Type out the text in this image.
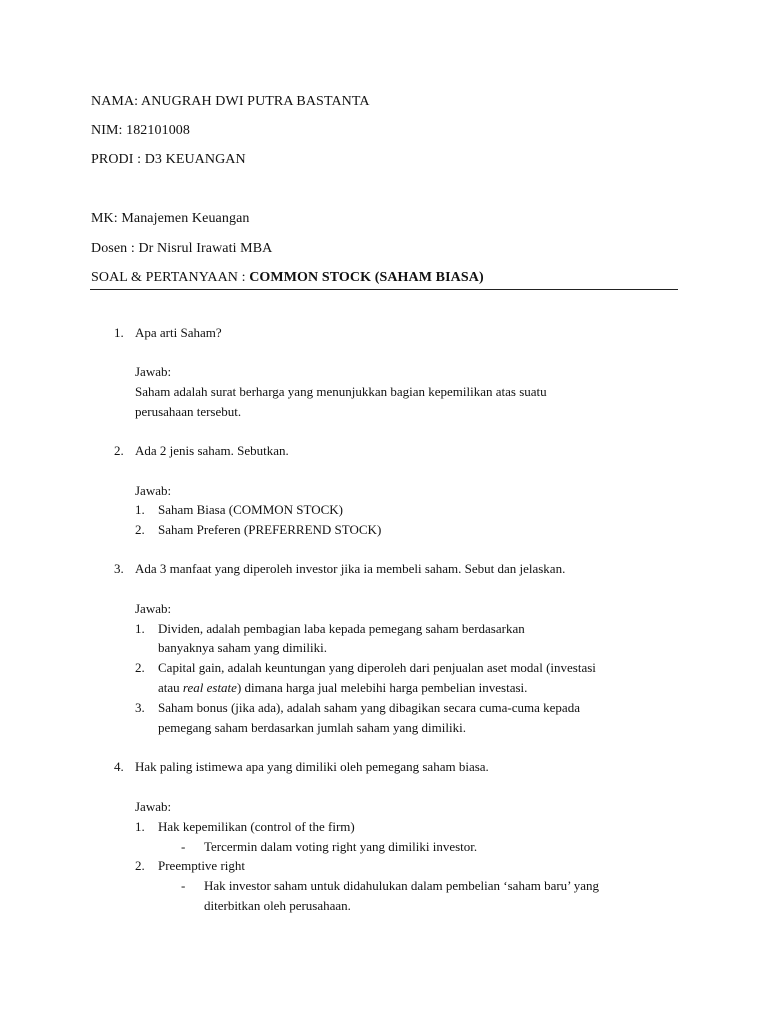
NAMA: ANUGRAH DWI PUTRA BASTANTA
NIM: 182101008
PRODI : D3 KEUANGAN
MK: Manajemen Keuangan
Dosen : Dr Nisrul Irawati MBA
SOAL & PERTANYAAN : COMMON STOCK (SAHAM BIASA)
1. Apa arti Saham?
Jawab:
Saham adalah surat berharga yang menunjukkan bagian kepemilikan atas suatu
perusahaan tersebut.
2. Ada 2 jenis saham. Sebutkan.
Jawab:
1. Saham Biasa (COMMON STOCK)
2. Saham Preferen (PREFERREND STOCK)
3. Ada 3 manfaat yang diperoleh investor jika ia membeli saham. Sebut dan jelaskan.
Jawab:
1. Dividen, adalah pembagian laba kepada pemegang saham berdasarkan
banyaknya saham yang dimiliki.
2. Capital gain, adalah keuntungan yang diperoleh dari penjualan aset modal (investasi
atau real estate) dimana harga jual melebihi harga pembelian investasi.
3. Saham bonus (jika ada), adalah saham yang dibagikan secara cuma-cuma kepada
pemegang saham berdasarkan jumlah saham yang dimiliki.
4. Hak paling istimewa apa yang dimiliki oleh pemegang saham biasa.
Jawab:
1. Hak kepemilikan (control of the firm)
- Tercermin dalam voting right yang dimiliki investor.
2. Preemptive right
- Hak investor saham untuk didahulukan dalam pembelian ‘saham baru’ yang
diterbitkan oleh perusahaan.
